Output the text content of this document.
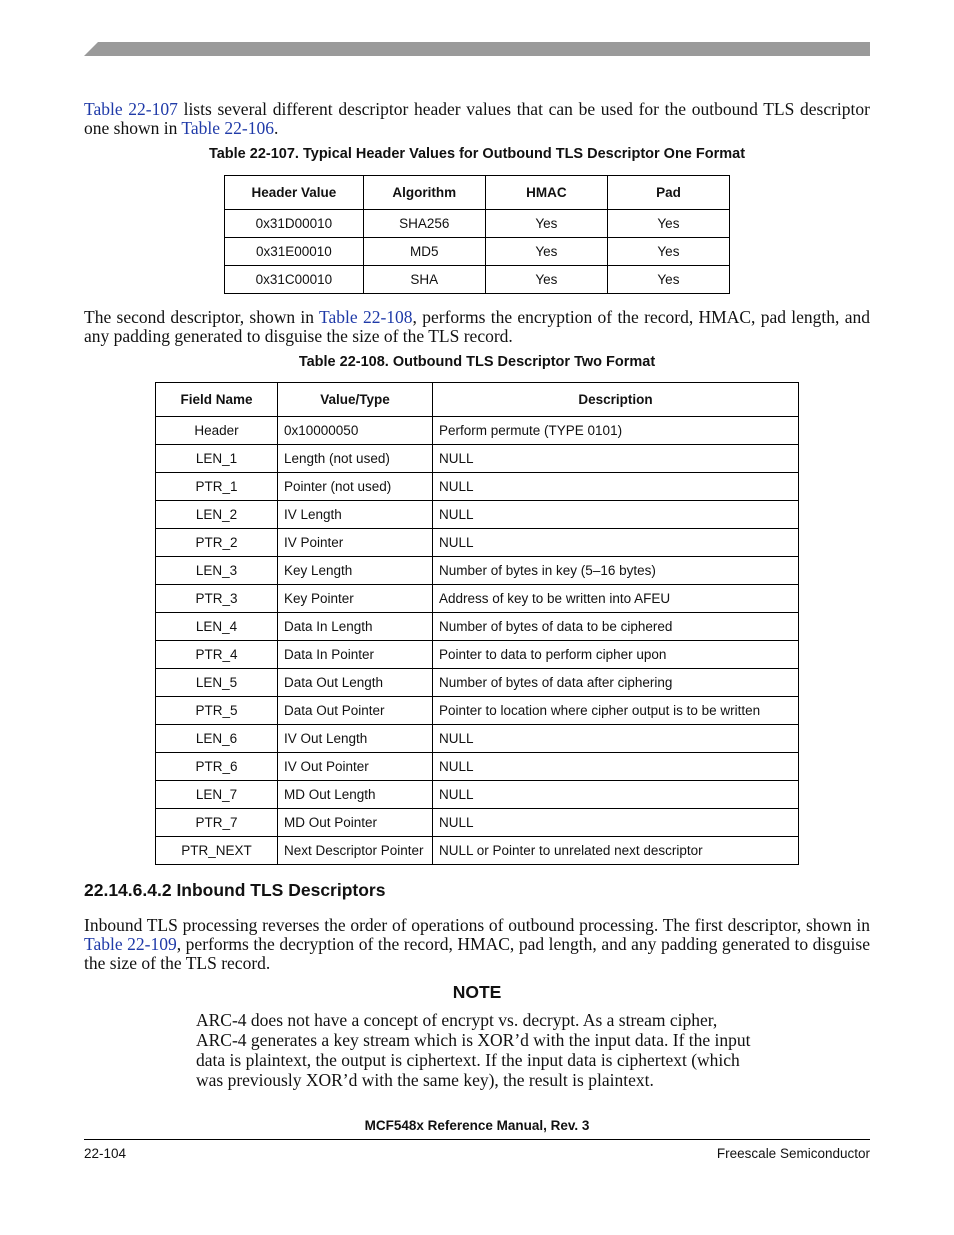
Table 22-107 lists several different descriptor header values that can be used for the outbound TLS descriptor one shown in Table 22-106.

Table 22-107. Typical Header Values for Outbound TLS Descriptor One Format
Header Value	Algorithm	HMAC	Pad
0x31D00010	SHA256	Yes	Yes
0x31E00010	MD5	Yes	Yes
0x31C00010	SHA	Yes	Yes

The second descriptor, shown in Table 22-108, performs the encryption of the record, HMAC, pad length, and any padding generated to disguise the size of the TLS record.

Table 22-108. Outbound TLS Descriptor Two Format
Field Name	Value/Type	Description
Header	0x10000050	Perform permute (TYPE 0101)
LEN_1	Length (not used)	NULL
PTR_1	Pointer (not used)	NULL
LEN_2	IV Length	NULL
PTR_2	IV Pointer	NULL
LEN_3	Key Length	Number of bytes in key (5–16 bytes)
PTR_3	Key Pointer	Address of key to be written into AFEU
LEN_4	Data In Length	Number of bytes of data to be ciphered
PTR_4	Data In Pointer	Pointer to data to perform cipher upon
LEN_5	Data Out Length	Number of bytes of data after ciphering
PTR_5	Data Out Pointer	Pointer to location where cipher output is to be written
LEN_6	IV Out Length	NULL
PTR_6	IV Out Pointer	NULL
LEN_7	MD Out Length	NULL
PTR_7	MD Out Pointer	NULL
PTR_NEXT	Next Descriptor Pointer	NULL or Pointer to unrelated next descriptor
22.14.6.4.2 Inbound TLS Descriptors

Inbound TLS processing reverses the order of operations of outbound processing. The first descriptor, shown in Table 22-109, performs the decryption of the record, HMAC, pad length, and any padding generated to disguise the size of the TLS record.

NOTE
ARC-4 does not have a concept of encrypt vs. decrypt. As a stream cipher, ARC-4 generates a key stream which is XOR’d with the input data. If the input data is plaintext, the output is ciphertext. If the input data is ciphertext (which was previously XOR’d with the same key), the result is plaintext.
MCF548x Reference Manual, Rev. 3
22-104	Freescale Semiconductor
